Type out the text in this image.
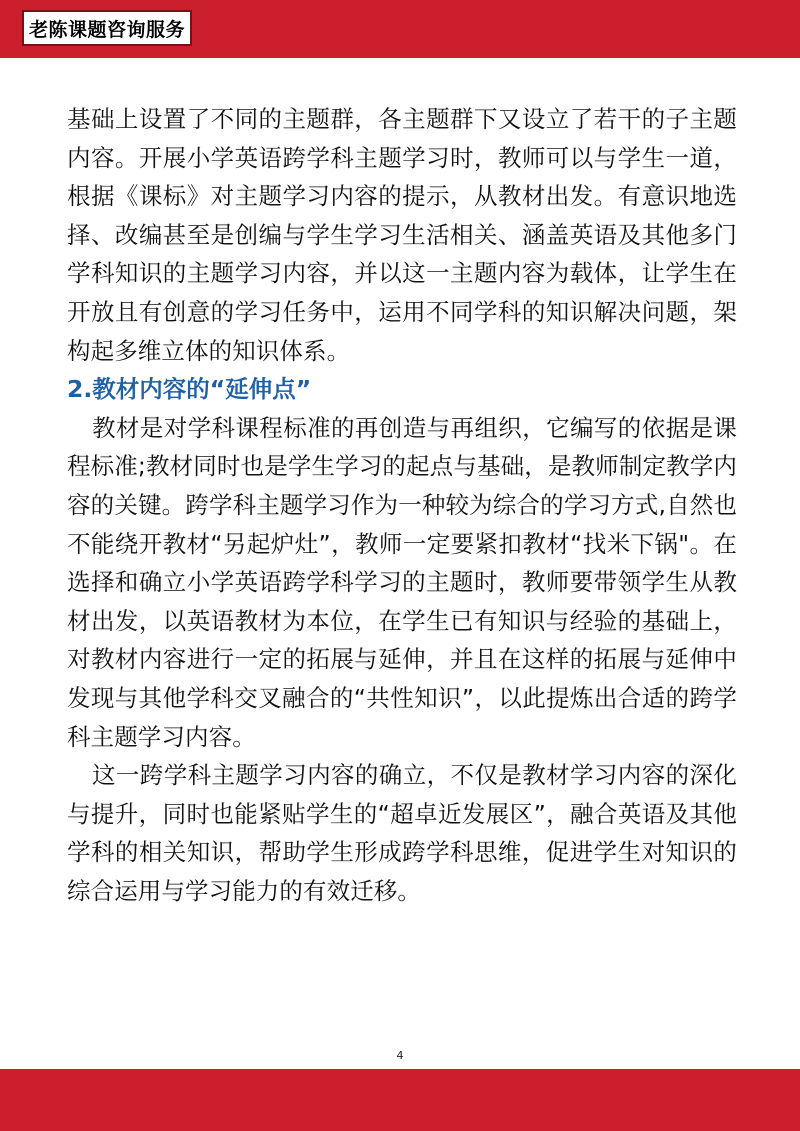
老陈课题咨询服务

基础上设置了不同的主题群，各主题群下又设立了若干的子主题内容。开展小学英语跨学科主题学习时，教师可以与学生一道，根据《课标》对主题学习内容的提示，从教材出发。有意识地选择、改编甚至是创编与学生学习生活相关、涵盖英语及其他多门学科知识的主题学习内容，并以这一主题内容为载体，让学生在开放且有创意的学习任务中，运用不同学科的知识解决问题，架构起多维立体的知识体系。

2.教材内容的“延伸点”

教材是对学科课程标准的再创造与再组织，它编写的依据是课程标准;教材同时也是学生学习的起点与基础，是教师制定教学内容的关键。跨学科主题学习作为一种较为综合的学习方式,自然也不能绕开教材“另起炉灶”，教师一定要紧扣教材“找米下锅"。在选择和确立小学英语跨学科学习的主题时，教师要带领学生从教材出发，以英语教材为本位，在学生已有知识与经验的基础上，对教材内容进行一定的拓展与延伸，并且在这样的拓展与延伸中发现与其他学科交叉融合的“共性知识”，以此提炼出合适的跨学科主题学习内容。

这一跨学科主题学习内容的确立，不仅是教材学习内容的深化与提升，同时也能紧贴学生的“超卓近发展区”，融合英语及其他学科的相关知识，帮助学生形成跨学科思维，促进学生对知识的综合运用与学习能力的有效迁移。

4
